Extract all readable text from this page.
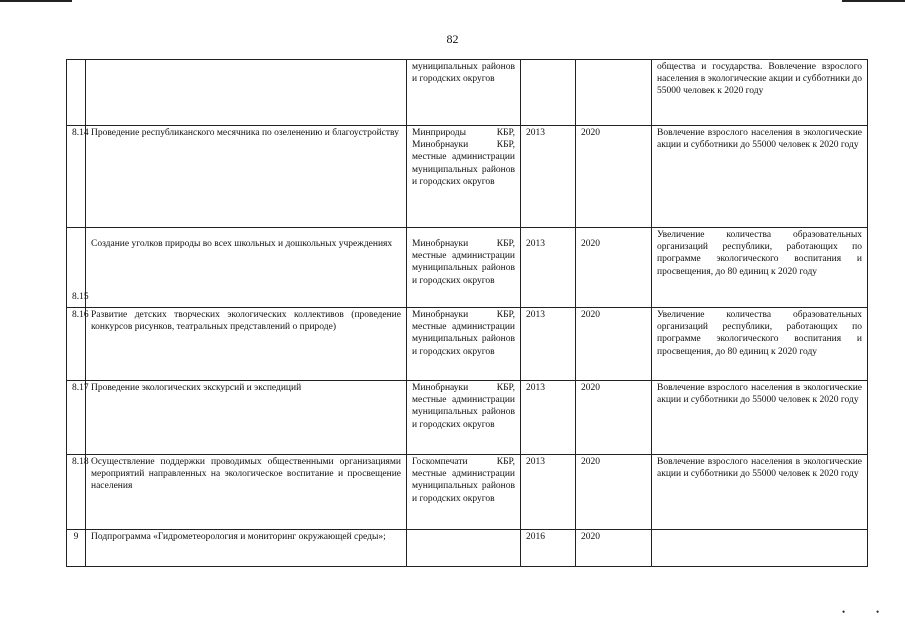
82
		муниципальных районов и городских округов			общества и государства. Вовлечение взрослого населения в экологические акции и субботники до 55000 человек к 2020 году
8.14	Проведение республиканского месячника по озеленению и благоустройству	Минприроды КБР, Минобрнауки КБР, местные администрации муниципальных районов и городских округов	2013	2020	Вовлечение взрослого населения в экологические акции и субботники до 55000 человек к 2020 году
8.15	Создание уголков природы во всех школьных и дошкольных учреждениях	Минобрнауки КБР, местные администрации муниципальных районов и городских округов	2013	2020	Увеличение количества образовательных организаций республики, работающих по программе экологического воспитания и просвещения, до 80 единиц к 2020 году
8.16	Развитие детских творческих экологических коллективов (проведение конкурсов рисунков, театральных представлений о природе)	Минобрнауки КБР, местные администрации муниципальных районов и городских округов	2013	2020	Увеличение количества образовательных организаций республики, работающих по программе экологического воспитания и просвещения, до 80 единиц к 2020 году
8.17	Проведение экологических экскурсий и экспедиций	Минобрнауки КБР, местные администрации муниципальных районов и городских округов	2013	2020	Вовлечение взрослого населения в экологические акции и субботники до 55000 человек к 2020 году
8.18	Осуществление поддержки проводимых общественными организациями мероприятий направленных на экологическое воспитание и просвещение населения	Госкомпечати КБР, местные администрации муниципальных районов и городских округов	2013	2020	Вовлечение взрослого населения в экологические акции и субботники до 55000 человек к 2020 году
9	Подпрограмма «Гидрометеорология и мониторинг окружающей среды»;		2016	2020	
•	•
